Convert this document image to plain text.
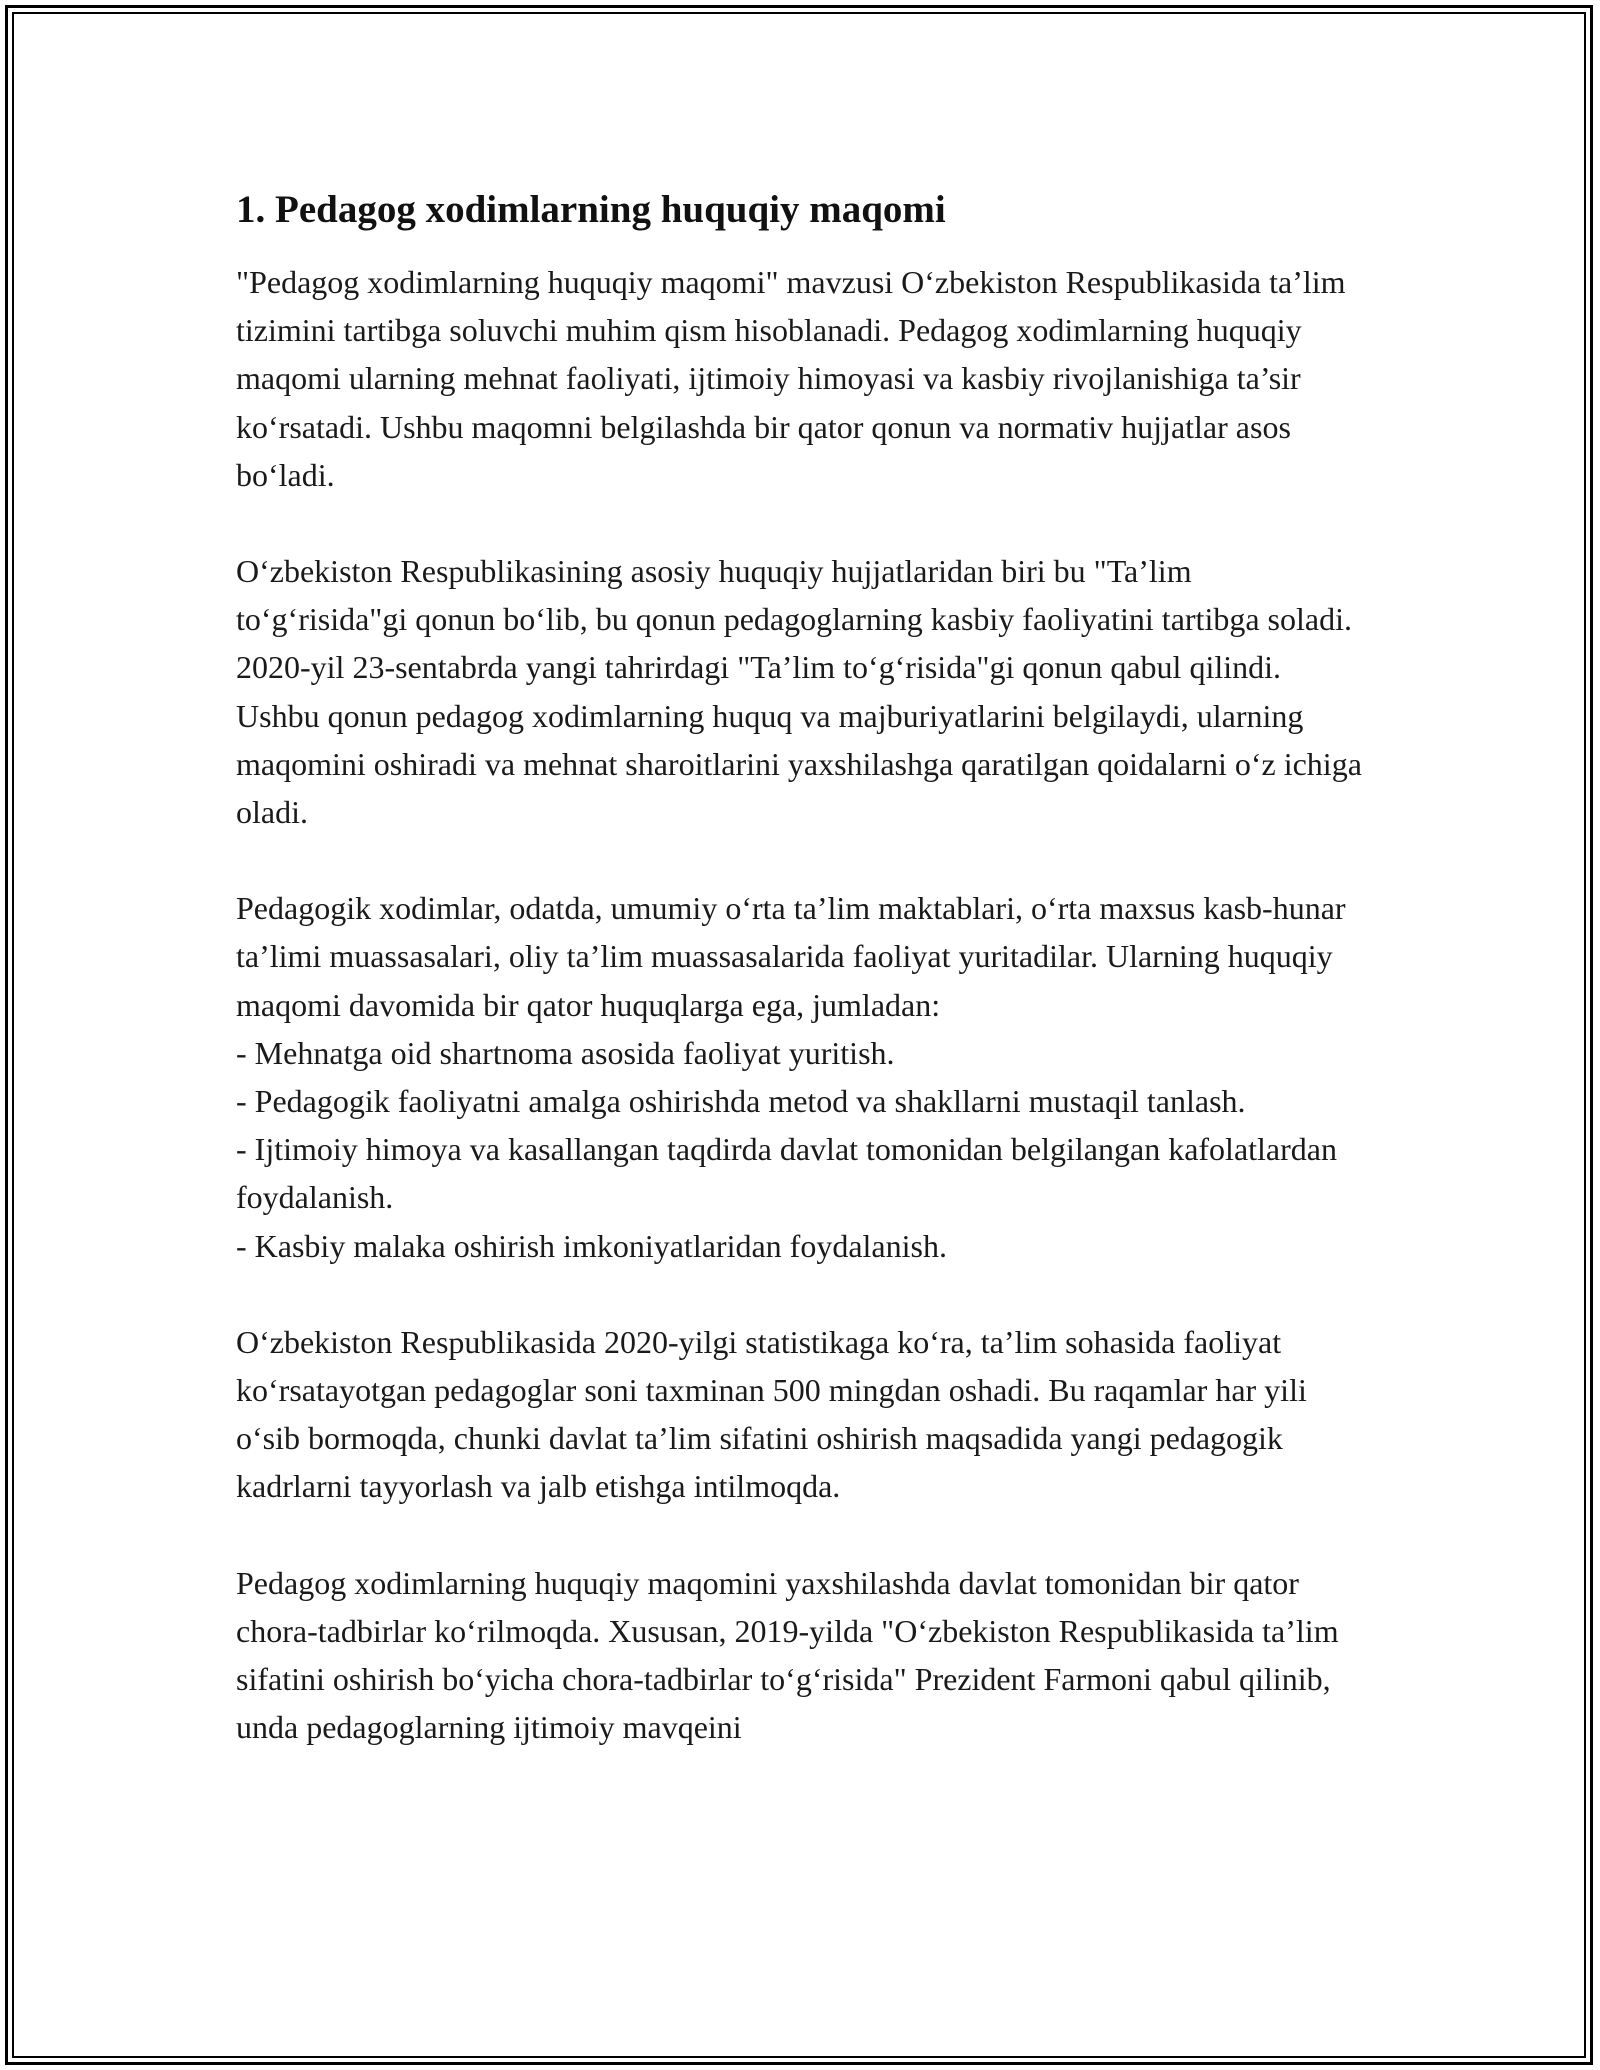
1. Pedagog xodimlarning huquqiy maqomi

"Pedagog xodimlarning huquqiy maqomi" mavzusi O‘zbekiston Respublikasida ta’lim tizimini tartibga soluvchi muhim qism hisoblanadi. Pedagog xodimlarning huquqiy maqomi ularning mehnat faoliyati, ijtimoiy himoyasi va kasbiy rivojlanishiga ta’sir ko‘rsatadi. Ushbu maqomni belgilashda bir qator qonun va normativ hujjatlar asos bo‘ladi.

O‘zbekiston Respublikasining asosiy huquqiy hujjatlaridan biri bu "Ta’lim to‘g‘risida"gi qonun bo‘lib, bu qonun pedagoglarning kasbiy faoliyatini tartibga soladi. 2020-yil 23-sentabrda yangi tahrirdagi "Ta’lim to‘g‘risida"gi qonun qabul qilindi. Ushbu qonun pedagog xodimlarning huquq va majburiyatlarini belgilaydi, ularning maqomini oshiradi va mehnat sharoitlarini yaxshilashga qaratilgan qoidalarni o‘z ichiga oladi.

Pedagogik xodimlar, odatda, umumiy o‘rta ta’lim maktablari, o‘rta maxsus kasb-hunar ta’limi muassasalari, oliy ta’lim muassasalarida faoliyat yuritadilar. Ularning huquqiy maqomi davomida bir qator huquqlarga ega, jumladan:
- Mehnatga oid shartnoma asosida faoliyat yuritish.
- Pedagogik faoliyatni amalga oshirishda metod va shakllarni mustaqil tanlash.
- Ijtimoiy himoya va kasallangan taqdirda davlat tomonidan belgilangan kafolatlardan foydalanish.
- Kasbiy malaka oshirish imkoniyatlaridan foydalanish.

O‘zbekiston Respublikasida 2020-yilgi statistikaga ko‘ra, ta’lim sohasida faoliyat ko‘rsatayotgan pedagoglar soni taxminan 500 mingdan oshadi. Bu raqamlar har yili o‘sib bormoqda, chunki davlat ta’lim sifatini oshirish maqsadida yangi pedagogik kadrlarni tayyorlash va jalb etishga intilmoqda.

Pedagog xodimlarning huquqiy maqomini yaxshilashda davlat tomonidan bir qator chora-tadbirlar ko‘rilmoqda. Xususan, 2019-yilda "O‘zbekiston Respublikasida ta’lim sifatini oshirish bo‘yicha chora-tadbirlar to‘g‘risida" Prezident Farmoni qabul qilinib, unda pedagoglarning ijtimoiy mavqeini
